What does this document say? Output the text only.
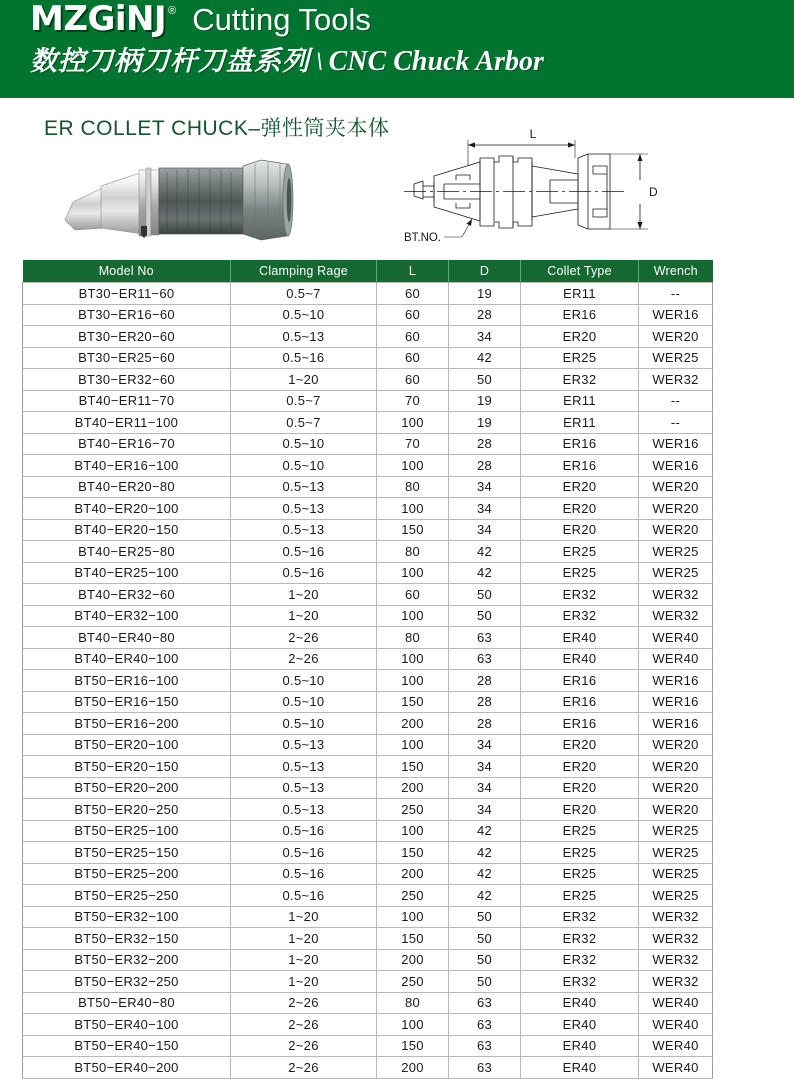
MZGiNJ ® Cutting Tools
数控刀柄刀杆刀盘系列 \ CNC Chuck Arbor
ER COLLET CHUCK–弹性筒夹本体	L
D
BT.NO.
Model No	Clamping Rage	L	D	Collet Type	Wrench
BT30−ER11−60	0.5~7	60	19	ER11	--
BT30−ER16−60	0.5~10	60	28	ER16	WER16
BT30−ER20−60	0.5~13	60	34	ER20	WER20
BT30−ER25−60	0.5~16	60	42	ER25	WER25
BT30−ER32−60	1~20	60	50	ER32	WER32
BT40−ER11−70	0.5~7	70	19	ER11	--
BT40−ER11−100	0.5~7	100	19	ER11	--
BT40−ER16−70	0.5~10	70	28	ER16	WER16
BT40−ER16−100	0.5~10	100	28	ER16	WER16
BT40−ER20−80	0.5~13	80	34	ER20	WER20
BT40−ER20−100	0.5~13	100	34	ER20	WER20
BT40−ER20−150	0.5~13	150	34	ER20	WER20
BT40−ER25−80	0.5~16	80	42	ER25	WER25
BT40−ER25−100	0.5~16	100	42	ER25	WER25
BT40−ER32−60	1~20	60	50	ER32	WER32
BT40−ER32−100	1~20	100	50	ER32	WER32
BT40−ER40−80	2~26	80	63	ER40	WER40
BT40−ER40−100	2~26	100	63	ER40	WER40
BT50−ER16−100	0.5~10	100	28	ER16	WER16
BT50−ER16−150	0.5~10	150	28	ER16	WER16
BT50−ER16−200	0.5~10	200	28	ER16	WER16
BT50−ER20−100	0.5~13	100	34	ER20	WER20
BT50−ER20−150	0.5~13	150	34	ER20	WER20
BT50−ER20−200	0.5~13	200	34	ER20	WER20
BT50−ER20−250	0.5~13	250	34	ER20	WER20
BT50−ER25−100	0.5~16	100	42	ER25	WER25
BT50−ER25−150	0.5~16	150	42	ER25	WER25
BT50−ER25−200	0.5~16	200	42	ER25	WER25
BT50−ER25−250	0.5~16	250	42	ER25	WER25
BT50−ER32−100	1~20	100	50	ER32	WER32
BT50−ER32−150	1~20	150	50	ER32	WER32
BT50−ER32−200	1~20	200	50	ER32	WER32
BT50−ER32−250	1~20	250	50	ER32	WER32
BT50−ER40−80	2~26	80	63	ER40	WER40
BT50−ER40−100	2~26	100	63	ER40	WER40
BT50−ER40−150	2~26	150	63	ER40	WER40
BT50−ER40−200	2~26	200	63	ER40	WER40
